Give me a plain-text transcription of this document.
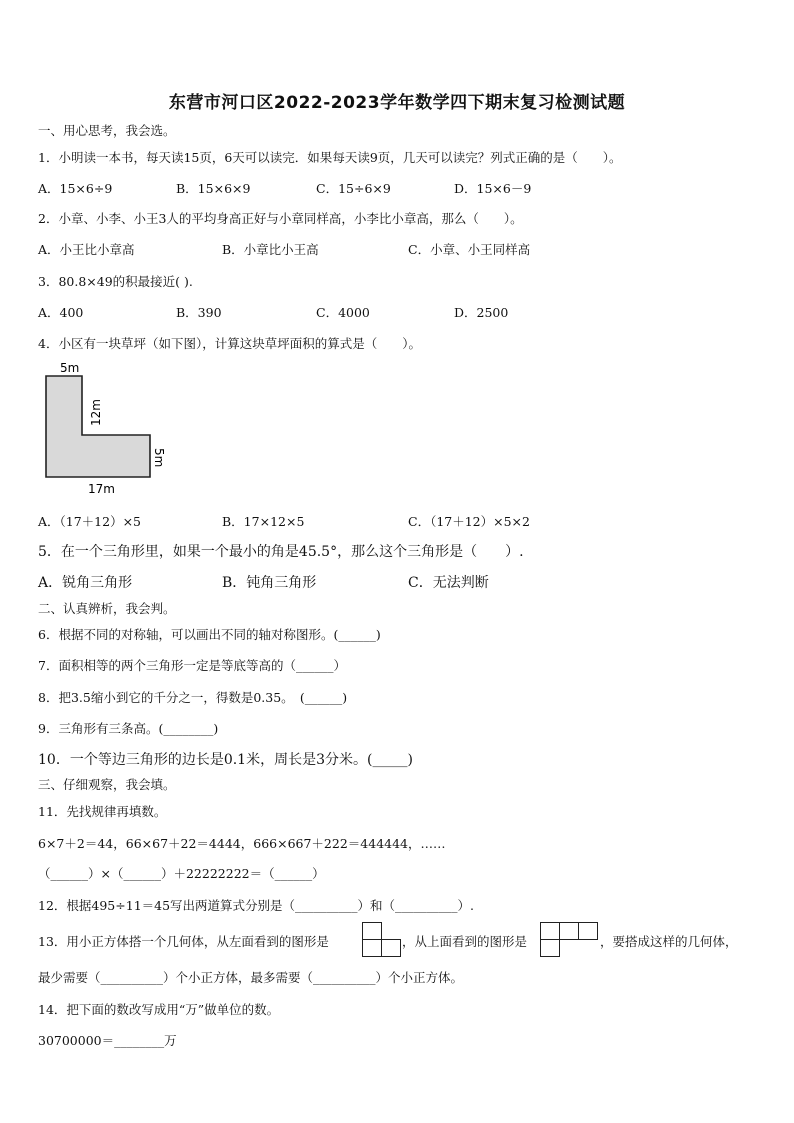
东营市河口区2022-2023学年数学四下期末复习检测试题
一、用心思考，我会选。
1．小明读一本书，每天读15页，6天可以读完．如果每天读9页，几天可以读完？列式正确的是（　　）。
A．15×6÷9	B．15×6×9	C．15÷6×9	D．15×6－9
2．小章、小李、小王3人的平均身高正好与小章同样高，小李比小章高，那么（　　）。
A．小王比小章高	B．小章比小王高	C．小章、小王同样高
3．80.8×49的积最接近( ).
A．400	B．390	C．4000	D．2500
4．小区有一块草坪（如下图），计算这块草坪面积的算式是（　　）。
5m
12m
5m
17m
A．（17＋12）×5	B．17×12×5	C．（17＋12）×5×2
5．在一个三角形里，如果一个最小的角是45.5°，那么这个三角形是（　　）.
A．锐角三角形	B．钝角三角形	C．无法判断
二、认真辨析，我会判。
6．根据不同的对称轴，可以画出不同的轴对称图形。(______)
7．面积相等的两个三角形一定是等底等高的（______）
8．把3.5缩小到它的千分之一，得数是0.35。　(______)
9．三角形有三条高。(________)
10．一个等边三角形的边长是0.1米，周长是3分米。(_____)
三、仔细观察，我会填。
11．先找规律再填数。
6×7＋2＝44，66×67＋22＝4444，666×667＋222＝444444，……
（______）×（______）＋22222222＝（______）
12．根据495÷11＝45写出两道算式分别是（__________）和（__________）.
13．用小正方体搭一个几何体，从左面看到的图形是	，从上面看到的图形是	，要搭成这样的几何体，
最少需要（__________）个小正方体，最多需要（__________）个小正方体。
14．把下面的数改写成用“万”做单位的数。
30700000＝________万
